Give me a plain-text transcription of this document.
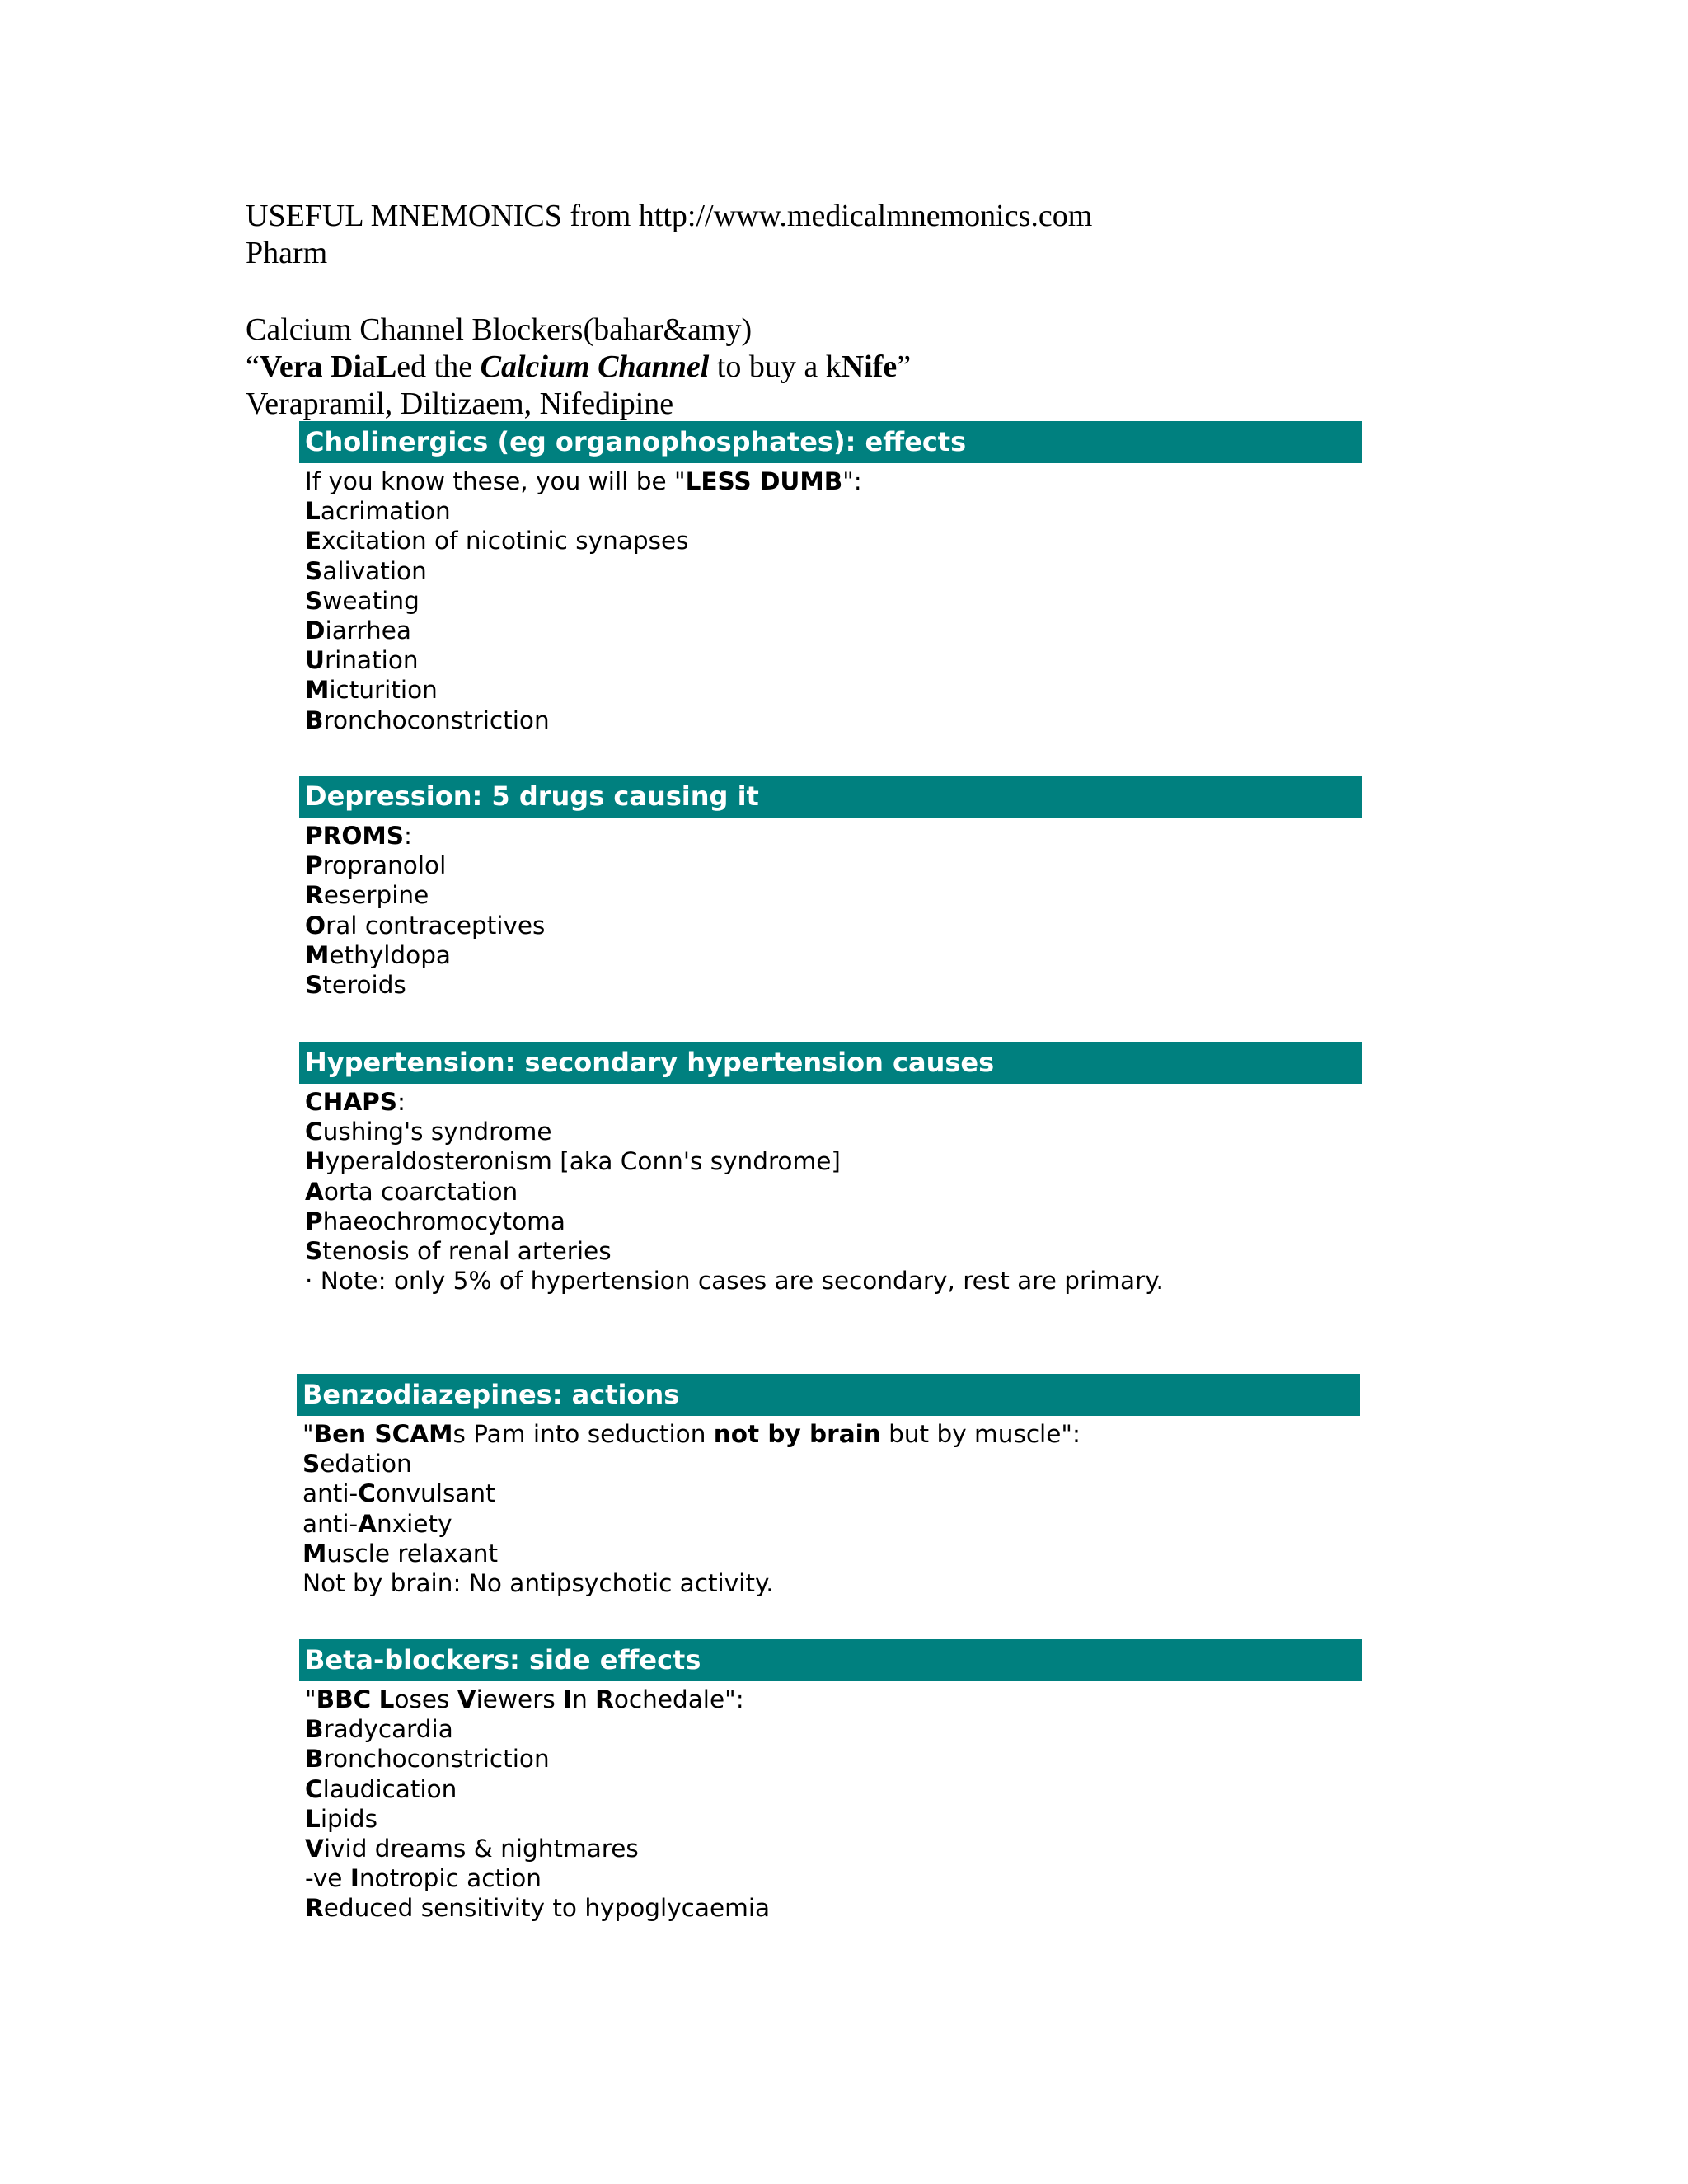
USEFUL MNEMONICS from http://www.medicalmnemonics.com
Pharm
Calcium Channel Blockers(bahar&amy)
“Vera DiaLed the Calcium Channel to buy a kNife”
Verapramil, Diltizaem, Nifedipine
Cholinergics (eg organophosphates): effects
If you know these, you will be "LESS DUMB":
Lacrimation
Excitation of nicotinic synapses
Salivation
Sweating
Diarrhea
Urination
Micturition
Bronchoconstriction
Depression: 5 drugs causing it
PROMS:
Propranolol
Reserpine
Oral contraceptives
Methyldopa
Steroids
Hypertension: secondary hypertension causes
CHAPS:
Cushing's syndrome
Hyperaldosteronism [aka Conn's syndrome]
Aorta coarctation
Phaeochromocytoma
Stenosis of renal arteries
· Note: only 5% of hypertension cases are secondary, rest are primary.
Benzodiazepines: actions
"Ben SCAMs Pam into seduction not by brain but by muscle":
Sedation
anti-Convulsant
anti-Anxiety
Muscle relaxant
Not by brain: No antipsychotic activity.
Beta-blockers: side effects
"BBC Loses Viewers In Rochedale":
Bradycardia
Bronchoconstriction
Claudication
Lipids
Vivid dreams & nightmares
-ve Inotropic action
Reduced sensitivity to hypoglycaemia
